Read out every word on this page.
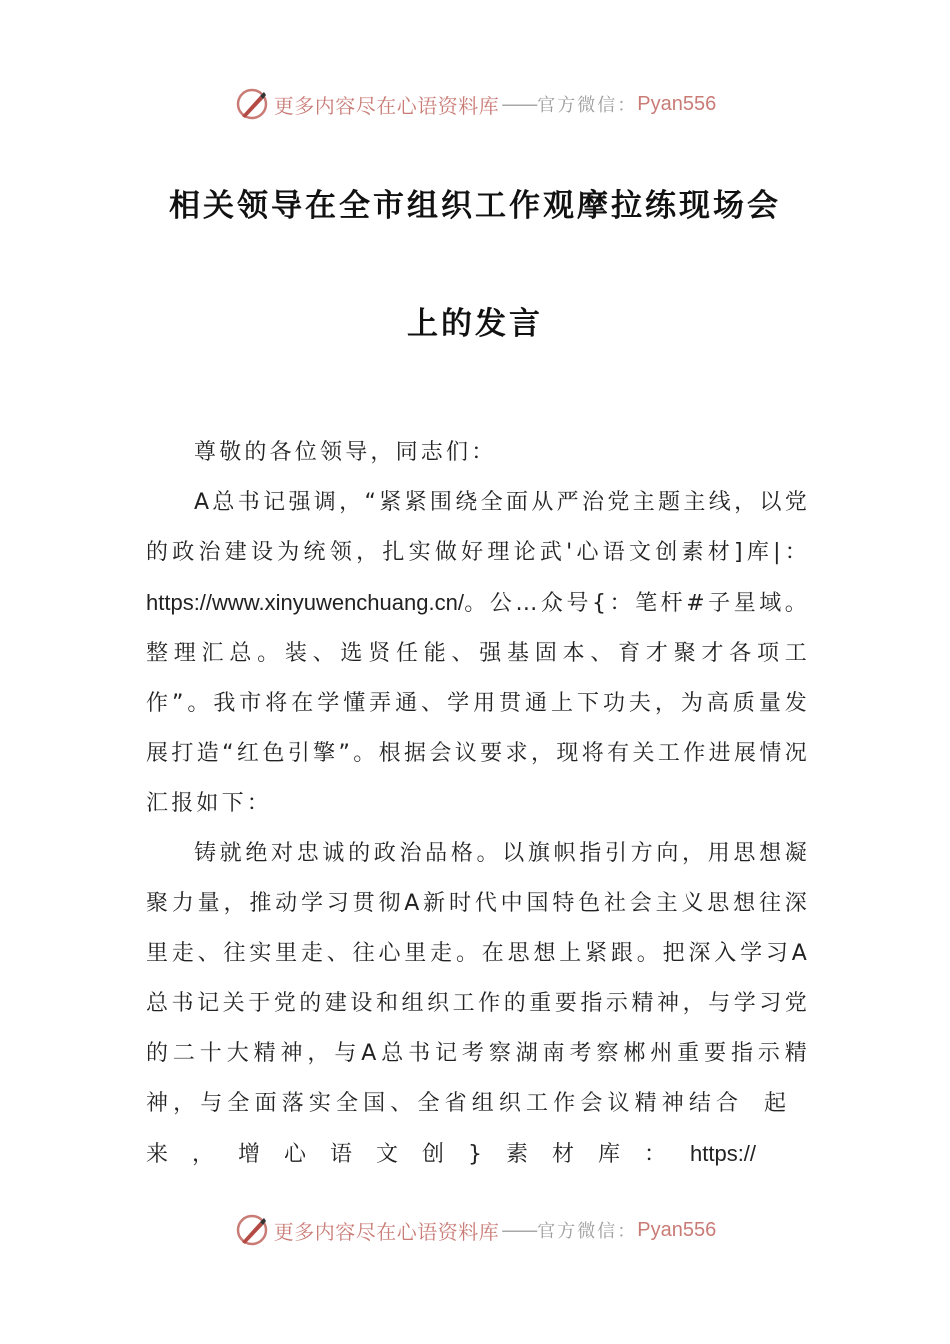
更多内容尽在心语资料库 —— 官方微信： Pyan556
相关领导在全市组织工作观摩拉练现场会
上的发言

尊敬的各位领导，同志们：

A总书记强调，“紧紧围绕全面从严治党主题主线，以党的政治建设为统领，扎实做好理论武'心语文创素材]库|：https://www.xinyuwenchuang.cn/。公…众号{：笔杆#子星域。整理汇总。装、选贤任能、强基固本、育才聚才各项工作”。我市将在学懂弄通、学用贯通上下功夫，为高质量发展打造“红色引擎”。根据会议要求，现将有关工作进展情况汇报如下：

铸就绝对忠诚的政治品格。以旗帜指引方向，用思想凝聚力量，推动学习贯彻A新时代中国特色社会主义思想往深里走、往实里走、往心里走。在思想上紧跟。把深入学习A总书记关于党的建设和组织工作的重要指示精神，与学习党的二十大精神，与A总书记考察湖南考察郴州重要指示精神，与全面落实全国、全省组织工作会议精神结合起来，增心语文创}素材库：https://

更多内容尽在心语资料库 —— 官方微信： Pyan556
